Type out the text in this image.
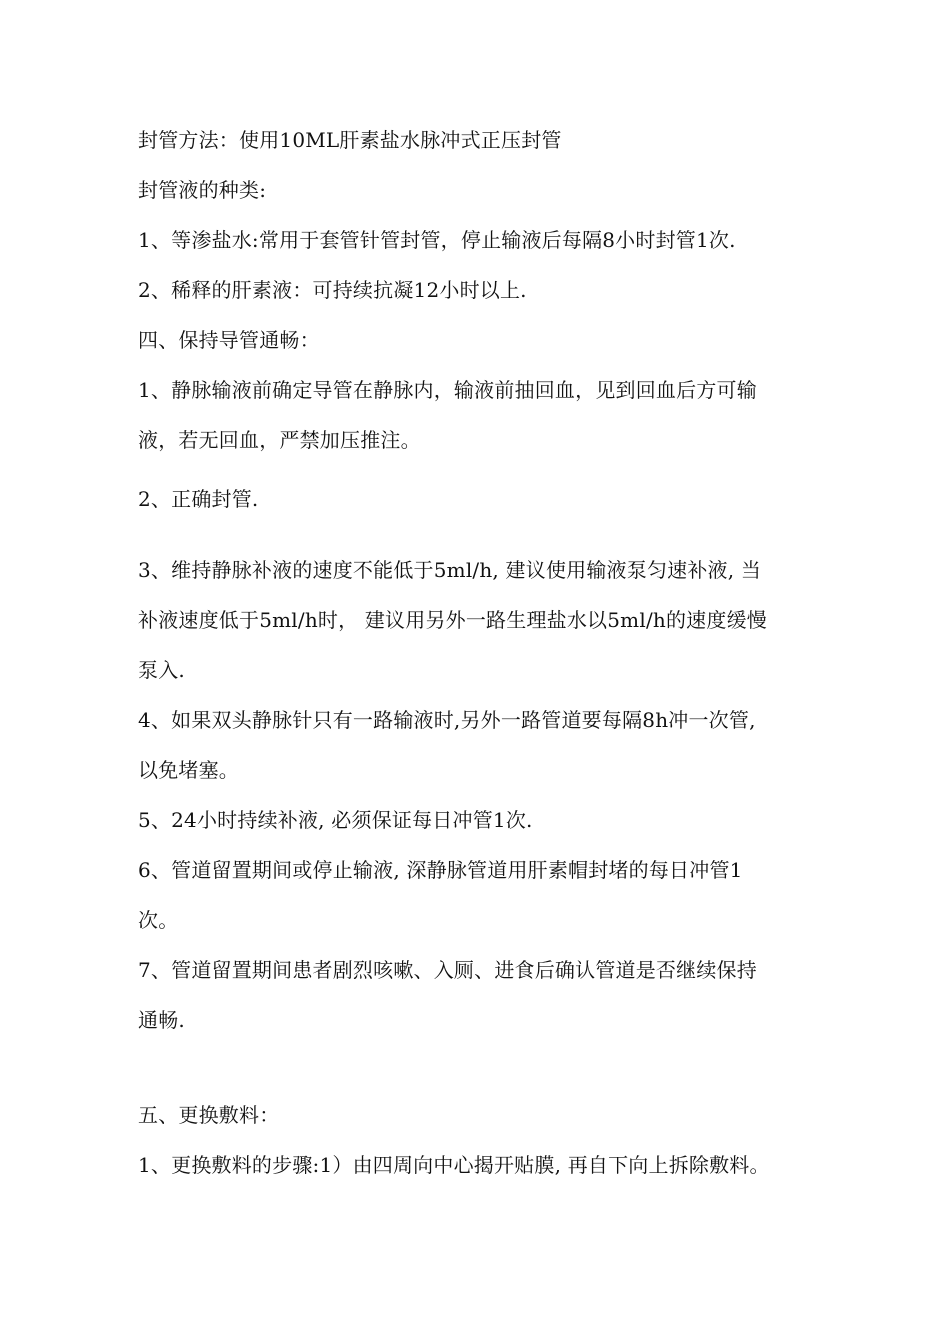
封管方法：使用10ML肝素盐水脉冲式正压封管
封管液的种类:
1、等渗盐水:常用于套管针管封管，停止输液后每隔8小时封管1次.
2、稀释的肝素液：可持续抗凝12小时以上.
四、保持导管通畅：
1、静脉输液前确定导管在静脉内，输液前抽回血，见到回血后方可输
液，若无回血，严禁加压推注。
2、正确封管.
3、维持静脉补液的速度不能低于5ml/h, 建议使用输液泵匀速补液, 当
补液速度低于5ml/h时， 建议用另外一路生理盐水以5ml/h的速度缓慢
泵入.
4、如果双头静脉针只有一路输液时,另外一路管道要每隔8h冲一次管,
以免堵塞。
5、24小时持续补液, 必须保证每日冲管1次.
6、管道留置期间或停止输液, 深静脉管道用肝素帽封堵的每日冲管1
次。
7、管道留置期间患者剧烈咳嗽、入厕、进食后确认管道是否继续保持
通畅.
五、更换敷料：
1、更换敷料的步骤:1）由四周向中心揭开贴膜, 再自下向上拆除敷料。
